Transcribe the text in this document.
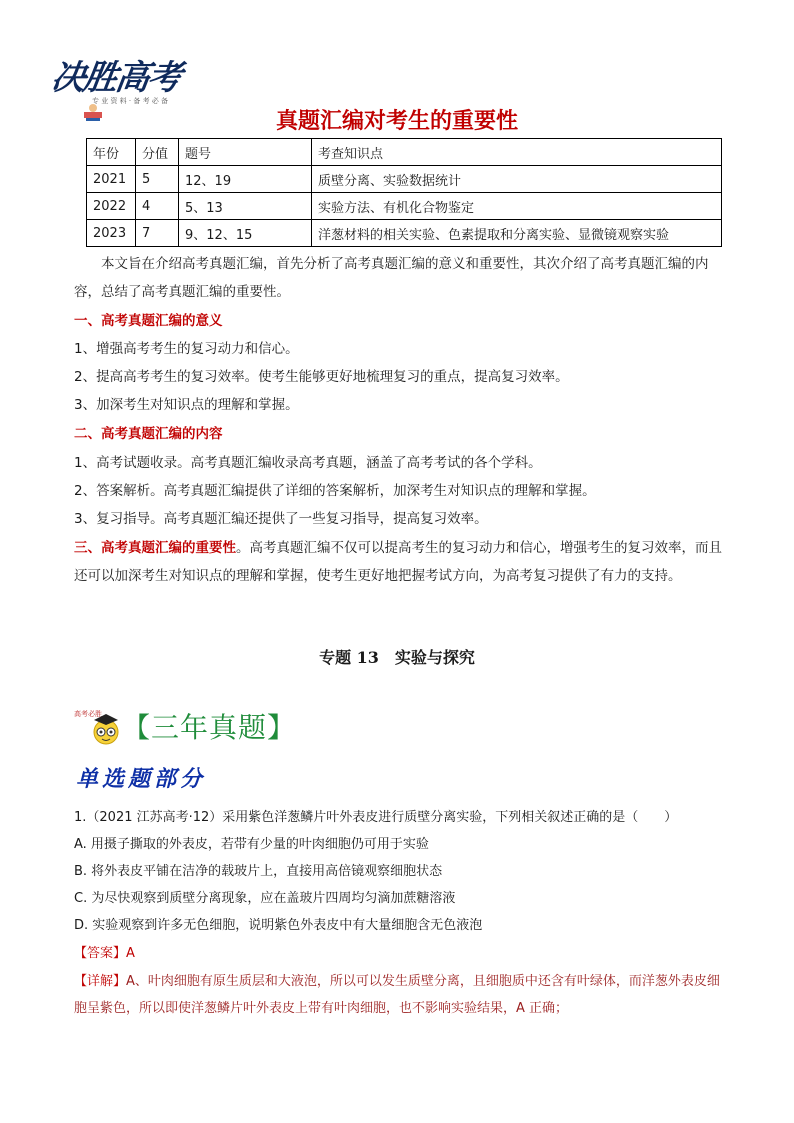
决胜高考
专 业 资 料 · 备 考 必 备
真题汇编对考生的重要性
年份	分值	题号	考查知识点
2021	5	12、19	质壁分离、实验数据统计
2022	4	5、13	实验方法、有机化合物鉴定
2023	7	9、12、15	洋葱材料的相关实验、色素提取和分离实验、显微镜观察实验
本文旨在介绍高考真题汇编，首先分析了高考真题汇编的意义和重要性，其次介绍了高考真题汇编的内容，总结了高考真题汇编的重要性。
一、高考真题汇编的意义
1、增强高考考生的复习动力和信心。
2、提高高考考生的复习效率。使考生能够更好地梳理复习的重点，提高复习效率。
3、加深考生对知识点的理解和掌握。
二、高考真题汇编的内容
1、高考试题收录。高考真题汇编收录高考真题，涵盖了高考考试的各个学科。
2、答案解析。高考真题汇编提供了详细的答案解析，加深考生对知识点的理解和掌握。
3、复习指导。高考真题汇编还提供了一些复习指导，提高复习效率。
三、高考真题汇编的重要性。高考真题汇编不仅可以提高考生的复习动力和信心，增强考生的复习效率，而且还可以加深考生对知识点的理解和掌握，使考生更好地把握考试方向，为高考复习提供了有力的支持。
专题 13　实验与探究
高考必胜 【三年真题】
单选题部分
1.（2021 江苏高考·12）采用紫色洋葱鳞片叶外表皮进行质壁分离实验，下列相关叙述正确的是（　　）
A. 用摄子撕取的外表皮，若带有少量的叶肉细胞仍可用于实验
B. 将外表皮平铺在洁净的载玻片上，直接用高倍镜观察细胞状态
C. 为尽快观察到质壁分离现象，应在盖玻片四周均匀滴加蔗糖溶液
D. 实验观察到许多无色细胞，说明紫色外表皮中有大量细胞含无色液泡
【答案】A
【详解】A、叶肉细胞有原生质层和大液泡，所以可以发生质壁分离，且细胞质中还含有叶绿体，而洋葱外表皮细胞呈紫色，所以即使洋葱鳞片叶外表皮上带有叶肉细胞，也不影响实验结果，A 正确；
